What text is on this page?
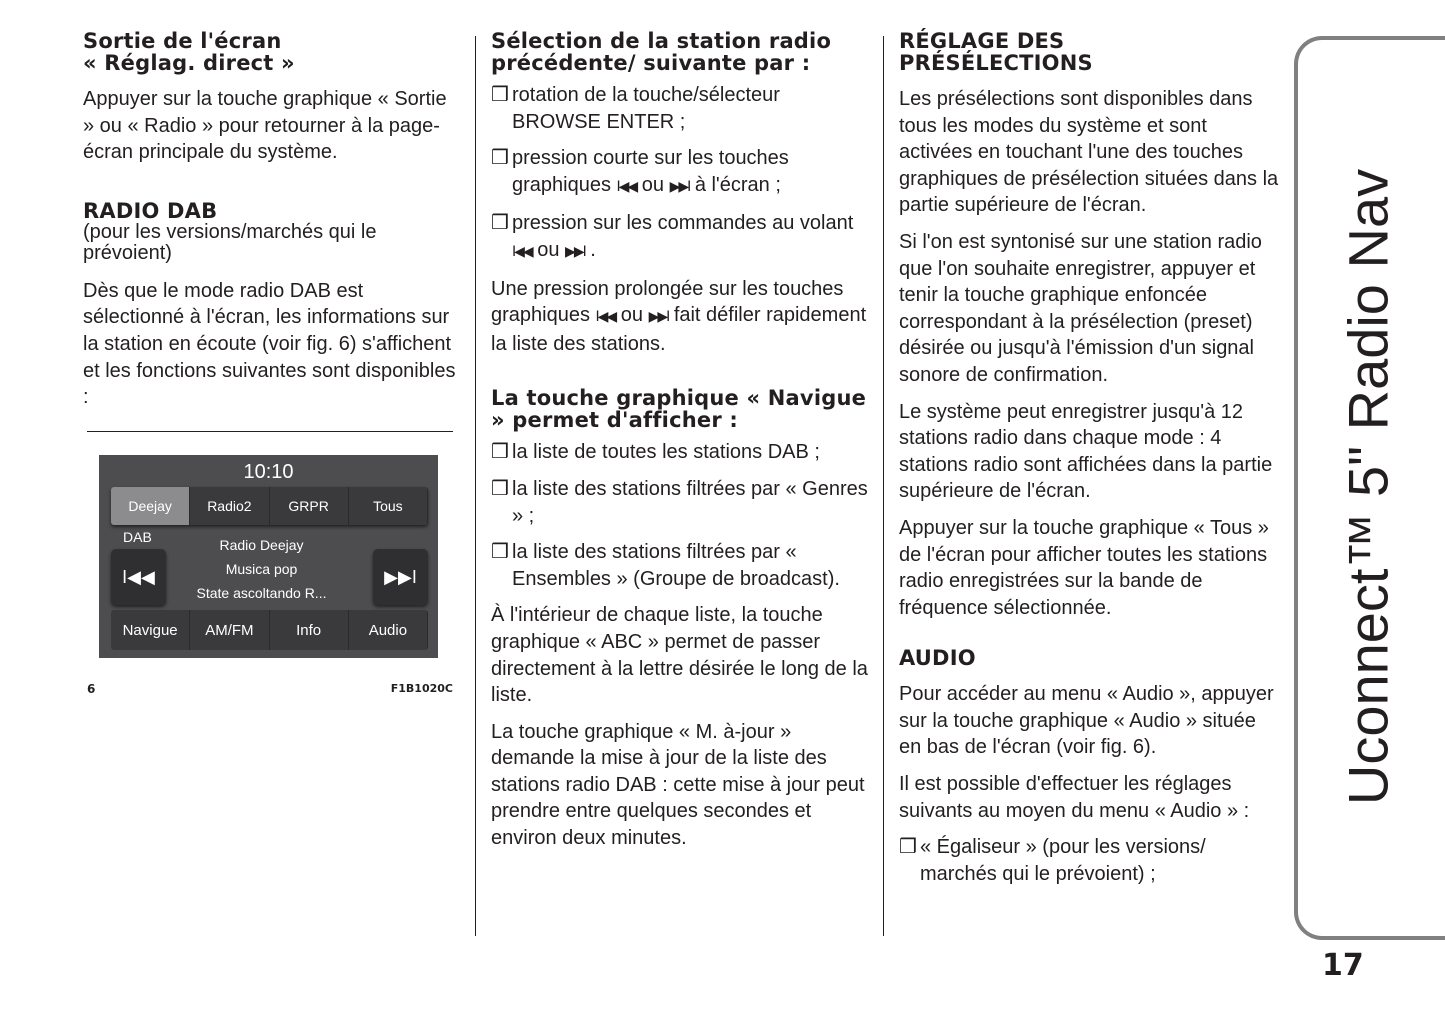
Sortie de l'écran
« Réglag. direct »

Appuyer sur la touche graphique « Sortie » ou « Radio » pour retourner à la page-écran principale du système.

RADIO DAB
(pour les versions/marchés qui le prévoient)

Dès que le mode radio DAB est sélectionné à l'écran, les informations sur la station en écoute (voir fig. 6) s'affichent et les fonctions suivantes sont disponibles :

10:10
Deejay	Radio2	GRPR	Tous
DAB	Radio Deejay
Musica pop
State ascoltando R...
I◀◀	▶▶I
Navigue	AM/FM	Info	Audio
6	F1B1020C
Sélection de la station radio précédente/ suivante par :
❒ rotation de la touche/sélecteur BROWSE ENTER ;
❒ pression courte sur les touches graphiques I◀◀ ou ▶▶I à l'écran ;
❒ pression sur les commandes au volant I◀◀ ou ▶▶I .

Une pression prolongée sur les touches graphiques I◀◀ ou ▶▶I fait défiler rapidement la liste des stations.

La touche graphique « Navigue » permet d'afficher :
❒ la liste de toutes les stations DAB ;
❒ la liste des stations filtrées par « Genres » ;
❒ la liste des stations filtrées par « Ensembles » (Groupe de broadcast).

À l'intérieur de chaque liste, la touche graphique « ABC » permet de passer directement à la lettre désirée le long de la liste.

La touche graphique « M. à-jour » demande la mise à jour de la liste des stations radio DAB : cette mise à jour peut prendre entre quelques secondes et environ deux minutes.

RÉGLAGE DES PRÉSÉLECTIONS

Les présélections sont disponibles dans tous les modes du système et sont activées en touchant l'une des touches graphiques de présélection situées dans la partie supérieure de l'écran.

Si l'on est syntonisé sur une station radio que l'on souhaite enregistrer, appuyer et tenir la touche graphique enfoncée correspondant à la présélection (preset) désirée ou jusqu'à l'émission d'un signal sonore de confirmation.

Le système peut enregistrer jusqu'à 12 stations radio dans chaque mode : 4 stations radio sont affichées dans la partie supérieure de l'écran.

Appuyer sur la touche graphique « Tous » de l'écran pour afficher toutes les stations radio enregistrées sur la bande de fréquence sélectionnée.

AUDIO

Pour accéder au menu « Audio », appuyer sur la touche graphique « Audio » située en bas de l'écran (voir fig. 6).

Il est possible d'effectuer les réglages suivants au moyen du menu « Audio » :

❒ « Égaliseur » (pour les versions/ marchés qui le prévoient) ;
Uconnect™ 5" Radio Nav
17
